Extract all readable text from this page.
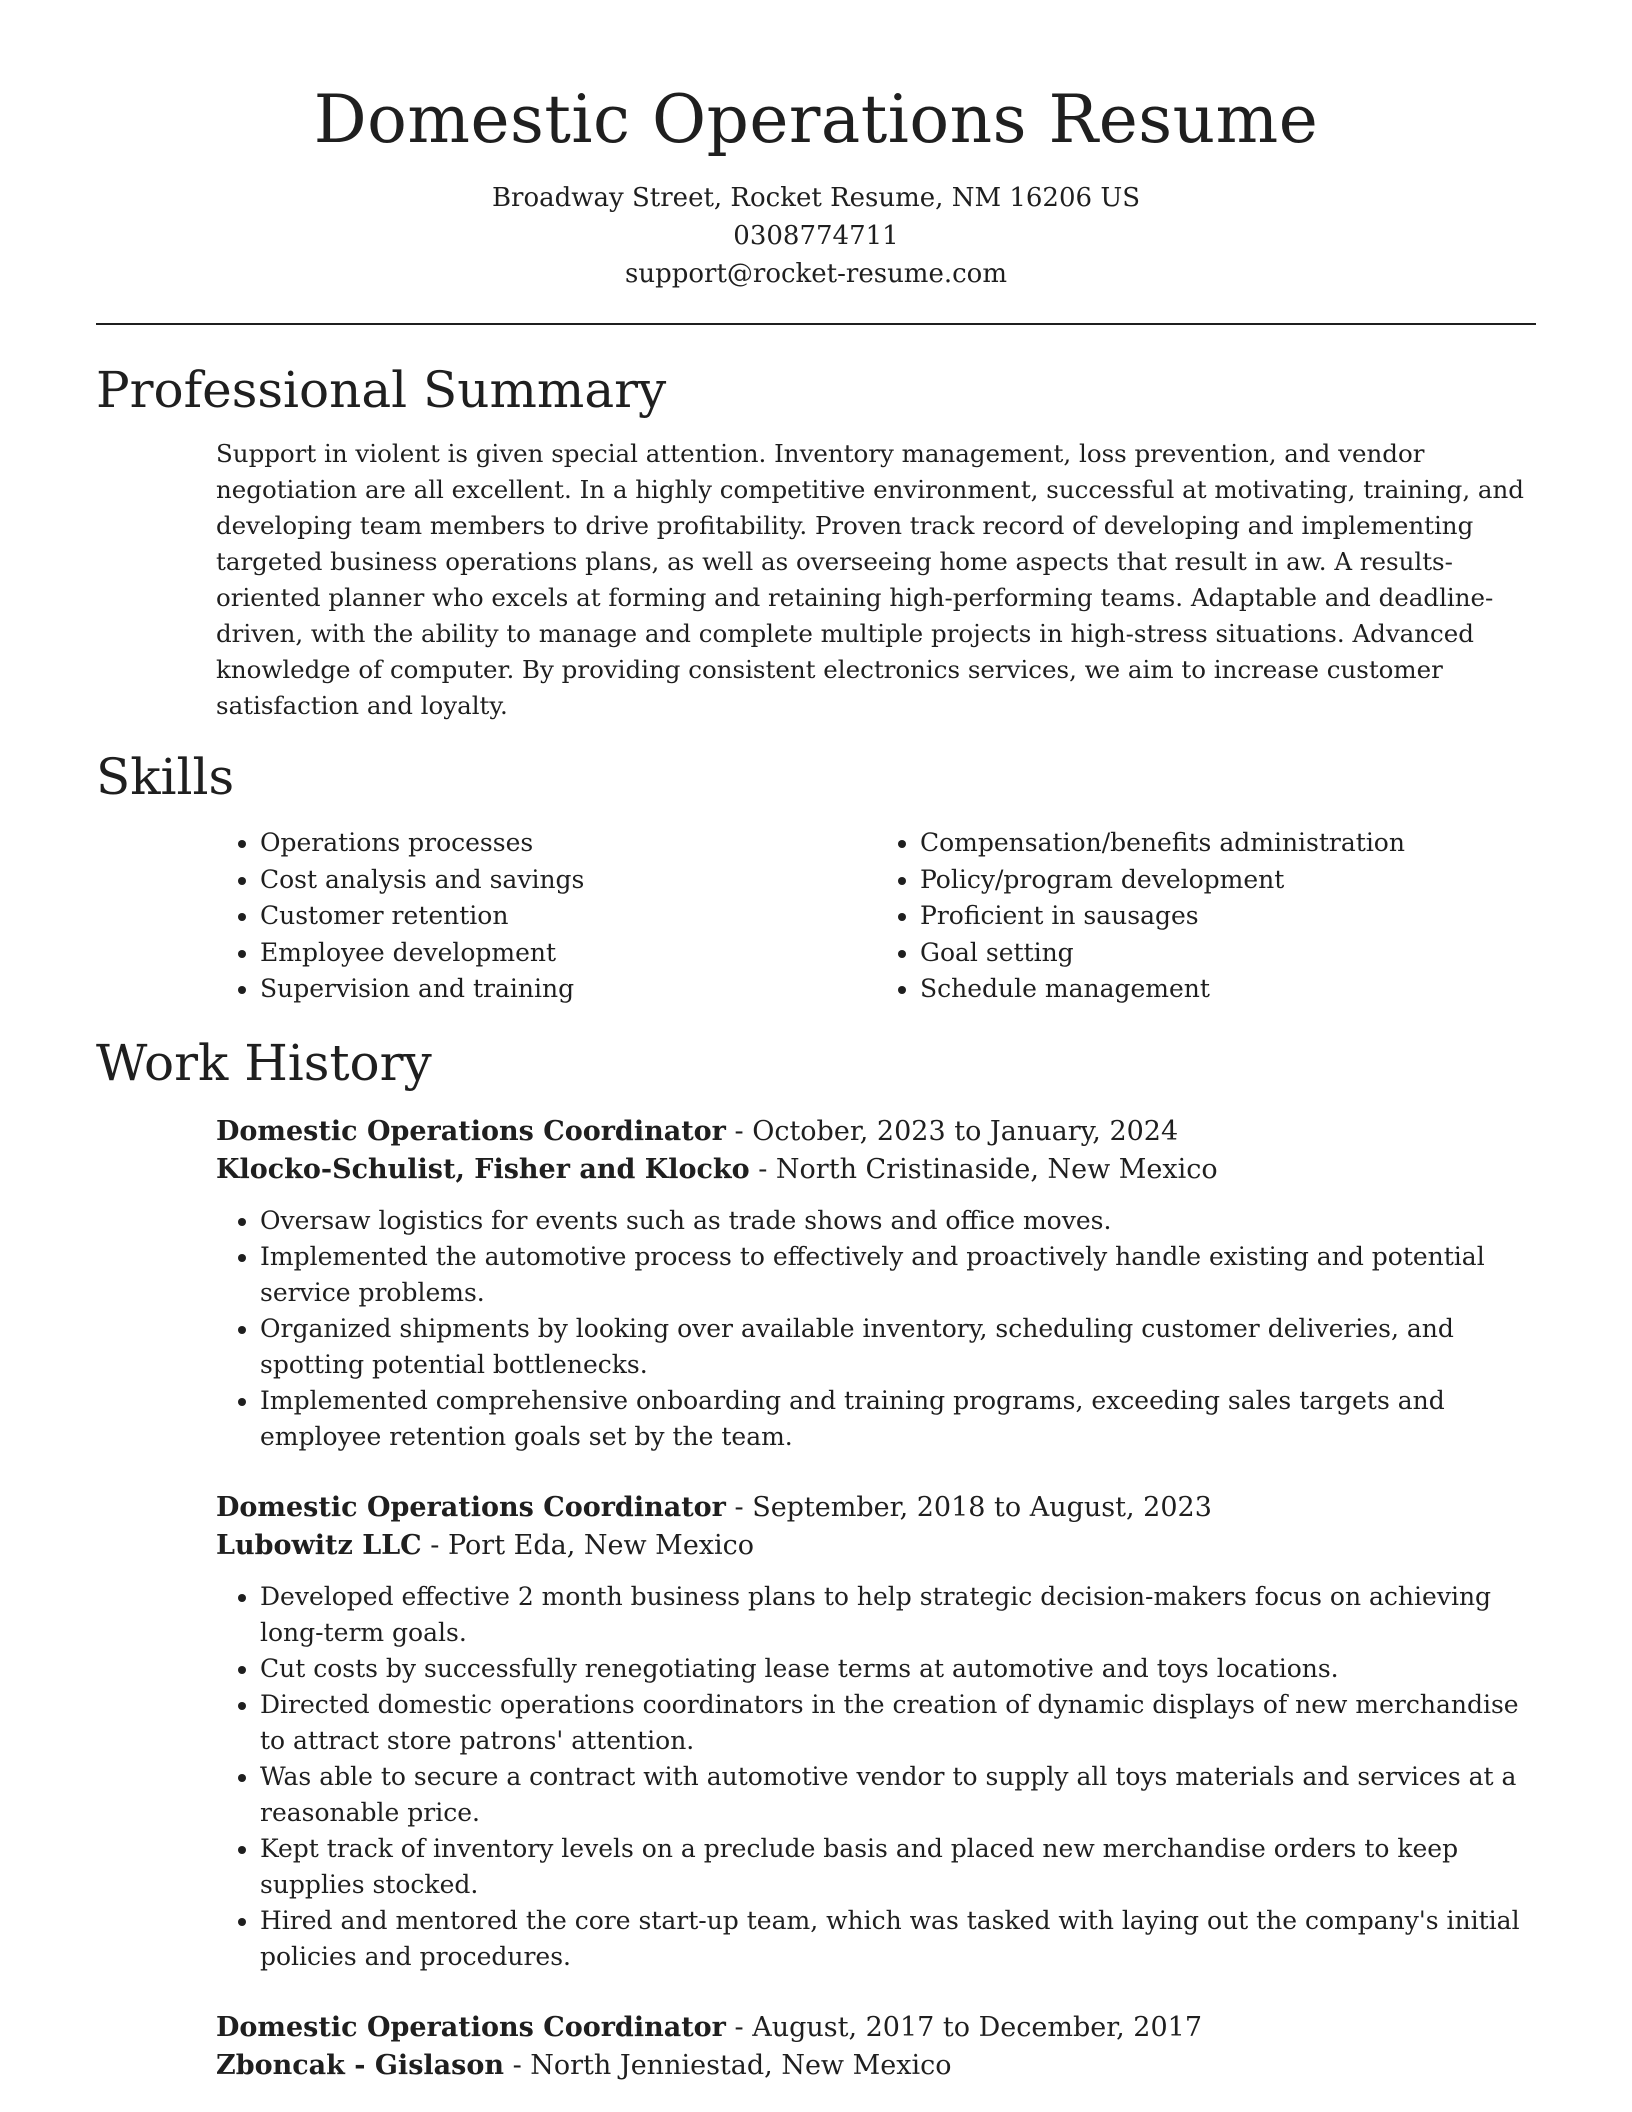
Domestic Operations Resume
Broadway Street, Rocket Resume, NM 16206 US
0308774711
support@rocket-resume.com
Professional Summary
Support in violent is given special attention. Inventory management, loss prevention, and vendor negotiation are all excellent. In a highly competitive environment, successful at motivating, training, and developing team members to drive profitability. Proven track record of developing and implementing targeted business operations plans, as well as overseeing home aspects that result in aw. A results-oriented planner who excels at forming and retaining high-performing teams. Adaptable and deadline-driven, with the ability to manage and complete multiple projects in high-stress situations. Advanced knowledge of computer. By providing consistent electronics services, we aim to increase customer satisfaction and loyalty.
Skills
• Operations processes
• Cost analysis and savings
• Customer retention
• Employee development
• Supervision and training
• Compensation/benefits administration
• Policy/program development
• Proficient in sausages
• Goal setting
• Schedule management
Work History
Domestic Operations Coordinator - October, 2023 to January, 2024
Klocko-Schulist, Fisher and Klocko - North Cristinaside, New Mexico
• Oversaw logistics for events such as trade shows and office moves.
• Implemented the automotive process to effectively and proactively handle existing and potential service problems.
• Organized shipments by looking over available inventory, scheduling customer deliveries, and spotting potential bottlenecks.
• Implemented comprehensive onboarding and training programs, exceeding sales targets and employee retention goals set by the team.
Domestic Operations Coordinator - September, 2018 to August, 2023
Lubowitz LLC - Port Eda, New Mexico
• Developed effective 2 month business plans to help strategic decision-makers focus on achieving long-term goals.
• Cut costs by successfully renegotiating lease terms at automotive and toys locations.
• Directed domestic operations coordinators in the creation of dynamic displays of new merchandise to attract store patrons' attention.
• Was able to secure a contract with automotive vendor to supply all toys materials and services at a reasonable price.
• Kept track of inventory levels on a preclude basis and placed new merchandise orders to keep supplies stocked.
• Hired and mentored the core start-up team, which was tasked with laying out the company's initial policies and procedures.
Domestic Operations Coordinator - August, 2017 to December, 2017
Zboncak - Gislason - North Jenniestad, New Mexico
